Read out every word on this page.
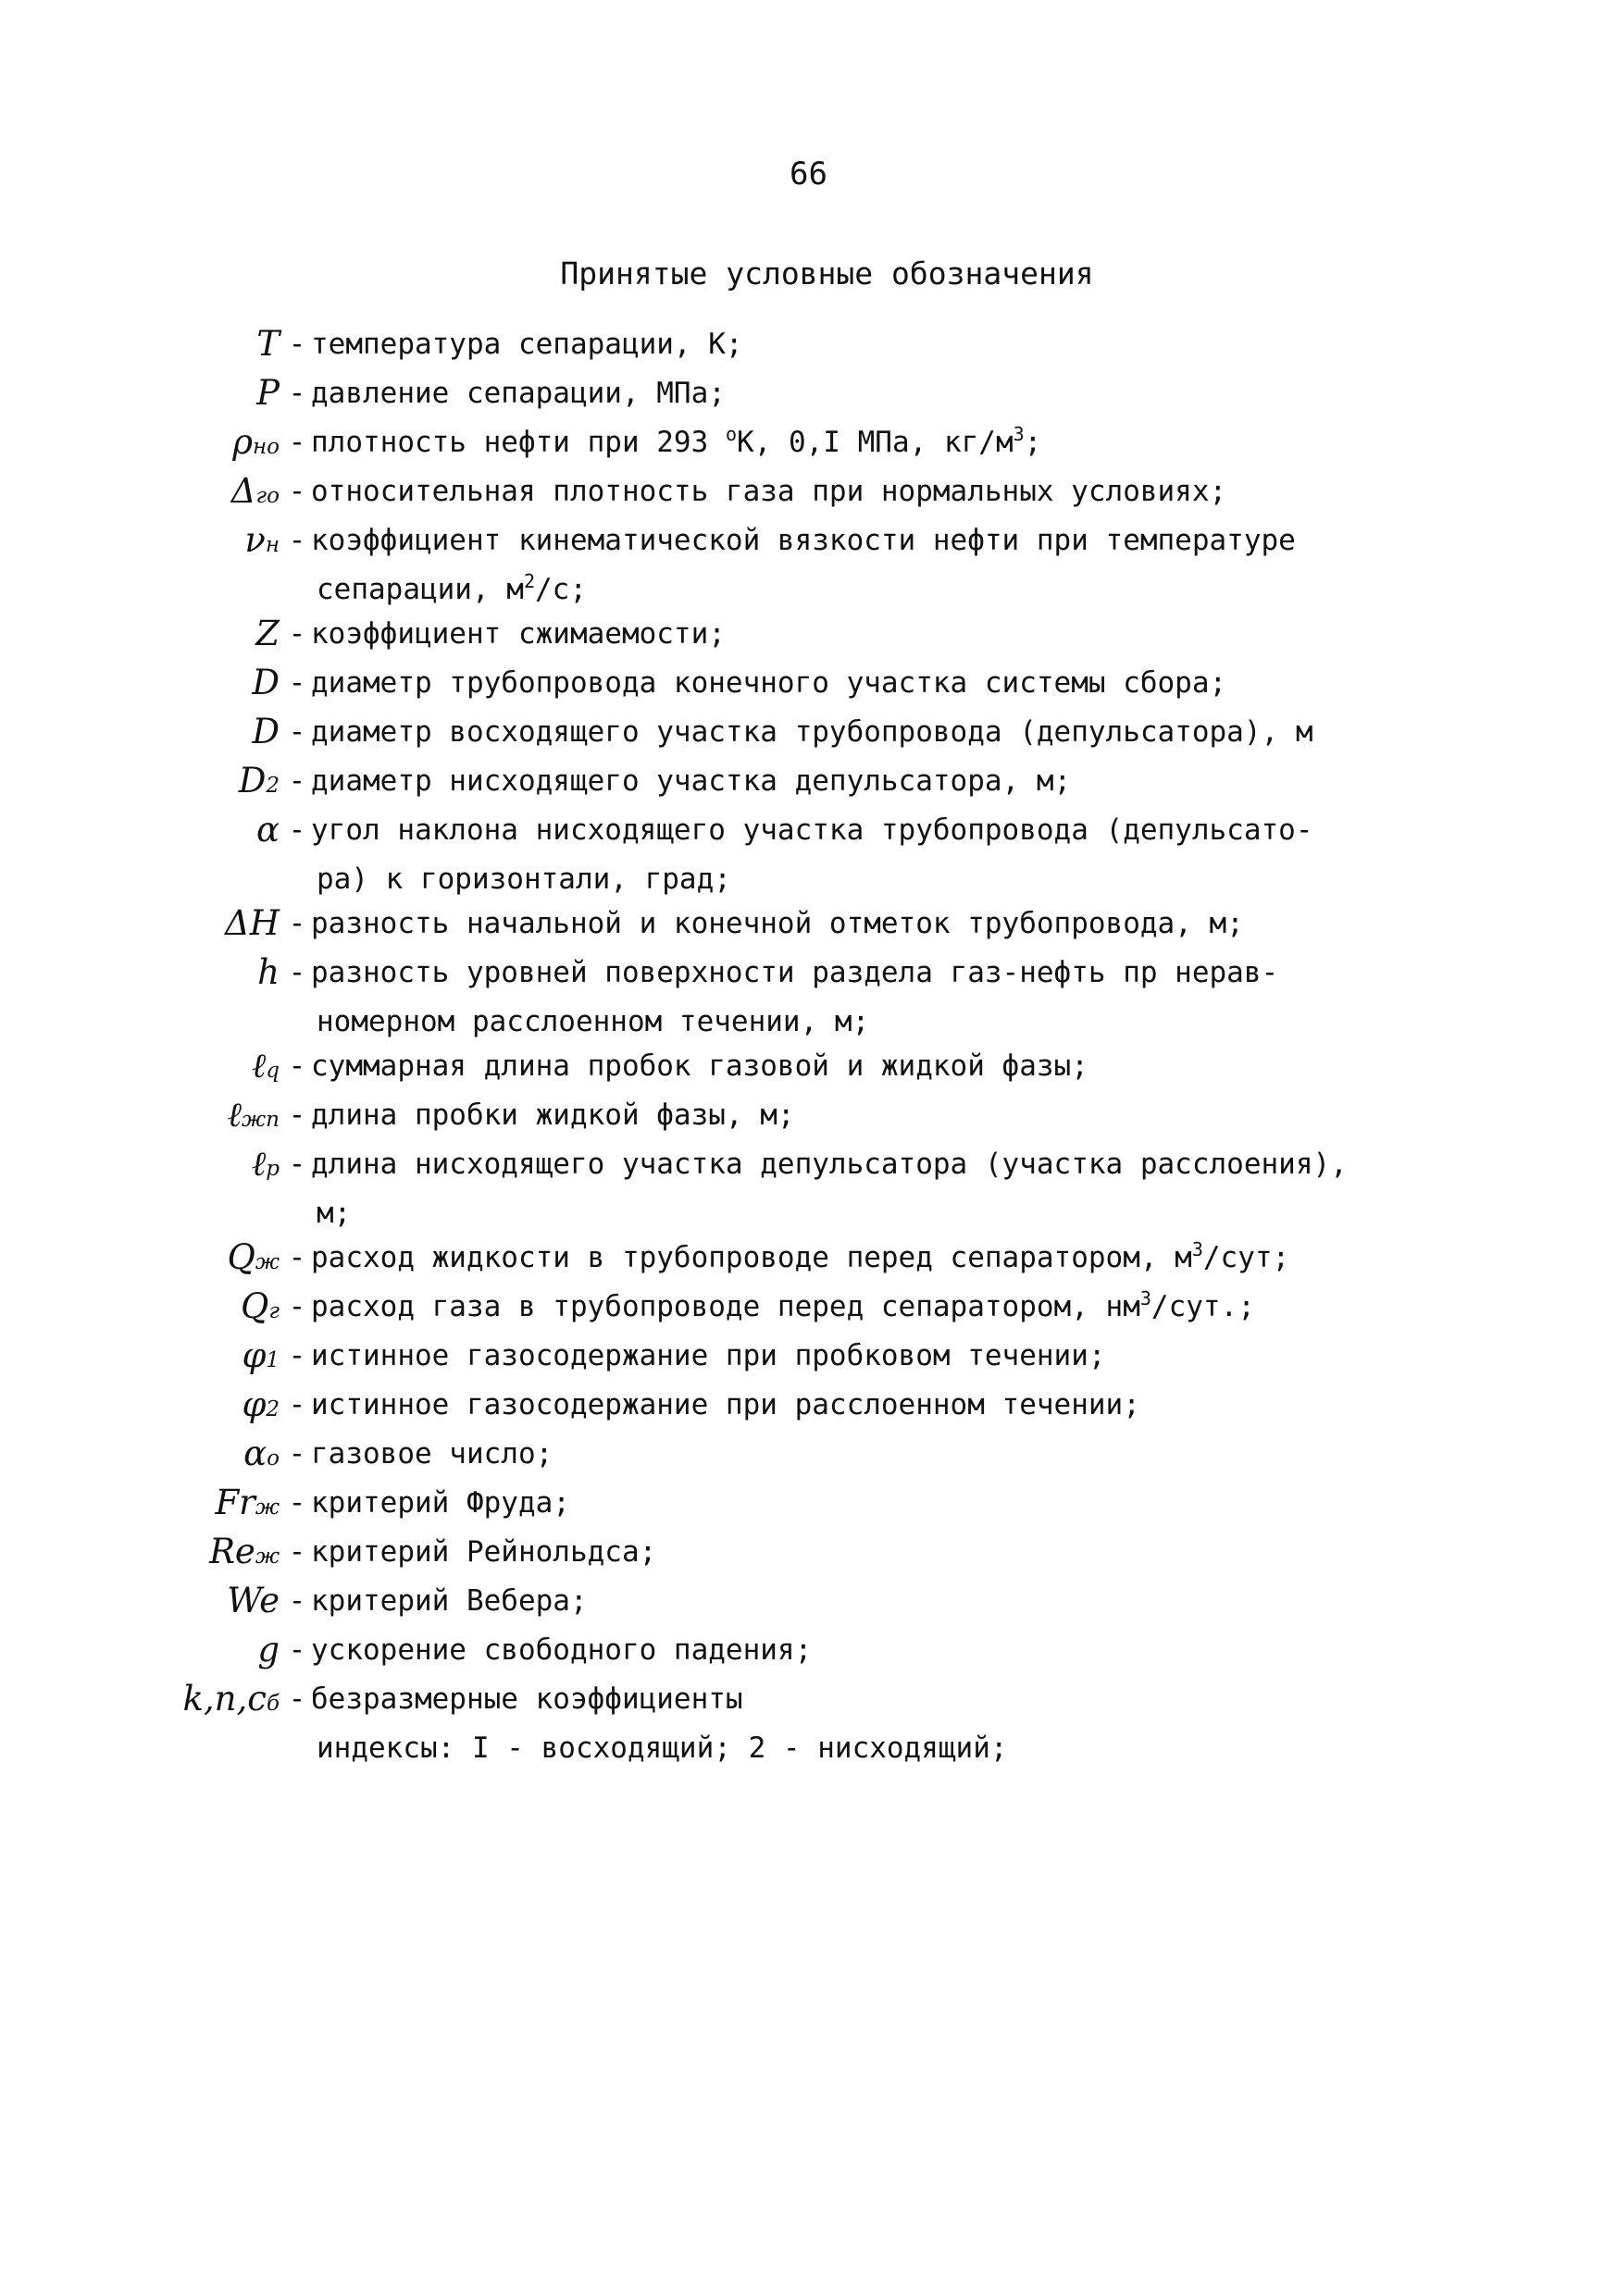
66
Принятые условные обозначения
T - температура сепарации, К;
P - давление сепарации, МПа;
ρно - плотность нефти при 293 $^о$К, 0,I МПа, $кг/м^3$;
Δго - относительная плотность газа при нормальных условиях;
νн - коэффициент кинематической вязкости нефти при температуре
сепарации, $м^2/с$;
Z - коэффициент сжимаемости;
D - диаметр трубопровода конечного участка системы сбора;
D - диаметр восходящего участка трубопровода (депульсатора), м
D2 - диаметр нисходящего участка депульсатора, м;
α - угол наклона нисходящего участка трубопровода (депульсато-
ра) к горизонтали, град;
ΔH - разность начальной и конечной отметок трубопровода, м;
h - разность уровней поверхности раздела газ-нефть пр нерав-
номерном расслоенном течении, м;
ℓq - суммарная длина пробок газовой и жидкой фазы;
ℓжп - длина пробки жидкой фазы, м;
ℓр - длина нисходящего участка депульсатора (участка расслоения),
м;
Qж - расход жидкости в трубопроводе перед сепаратором, $м^3$/сут;
Qг - расход газа в трубопроводе перед сепаратором, $нм^3$/сут.;
φ1 - истинное газосодержание при пробковом течении;
φ2 - истинное газосодержание при расслоенном течении;
αо - газовое число;
Frж - критерий Фруда;
Reж - критерий Рейнольдса;
We - критерий Вебера;
g - ускорение свободного падения;
k,n,cб - безразмерные коэффициенты
индексы: I - восходящий; 2 - нисходящий;
